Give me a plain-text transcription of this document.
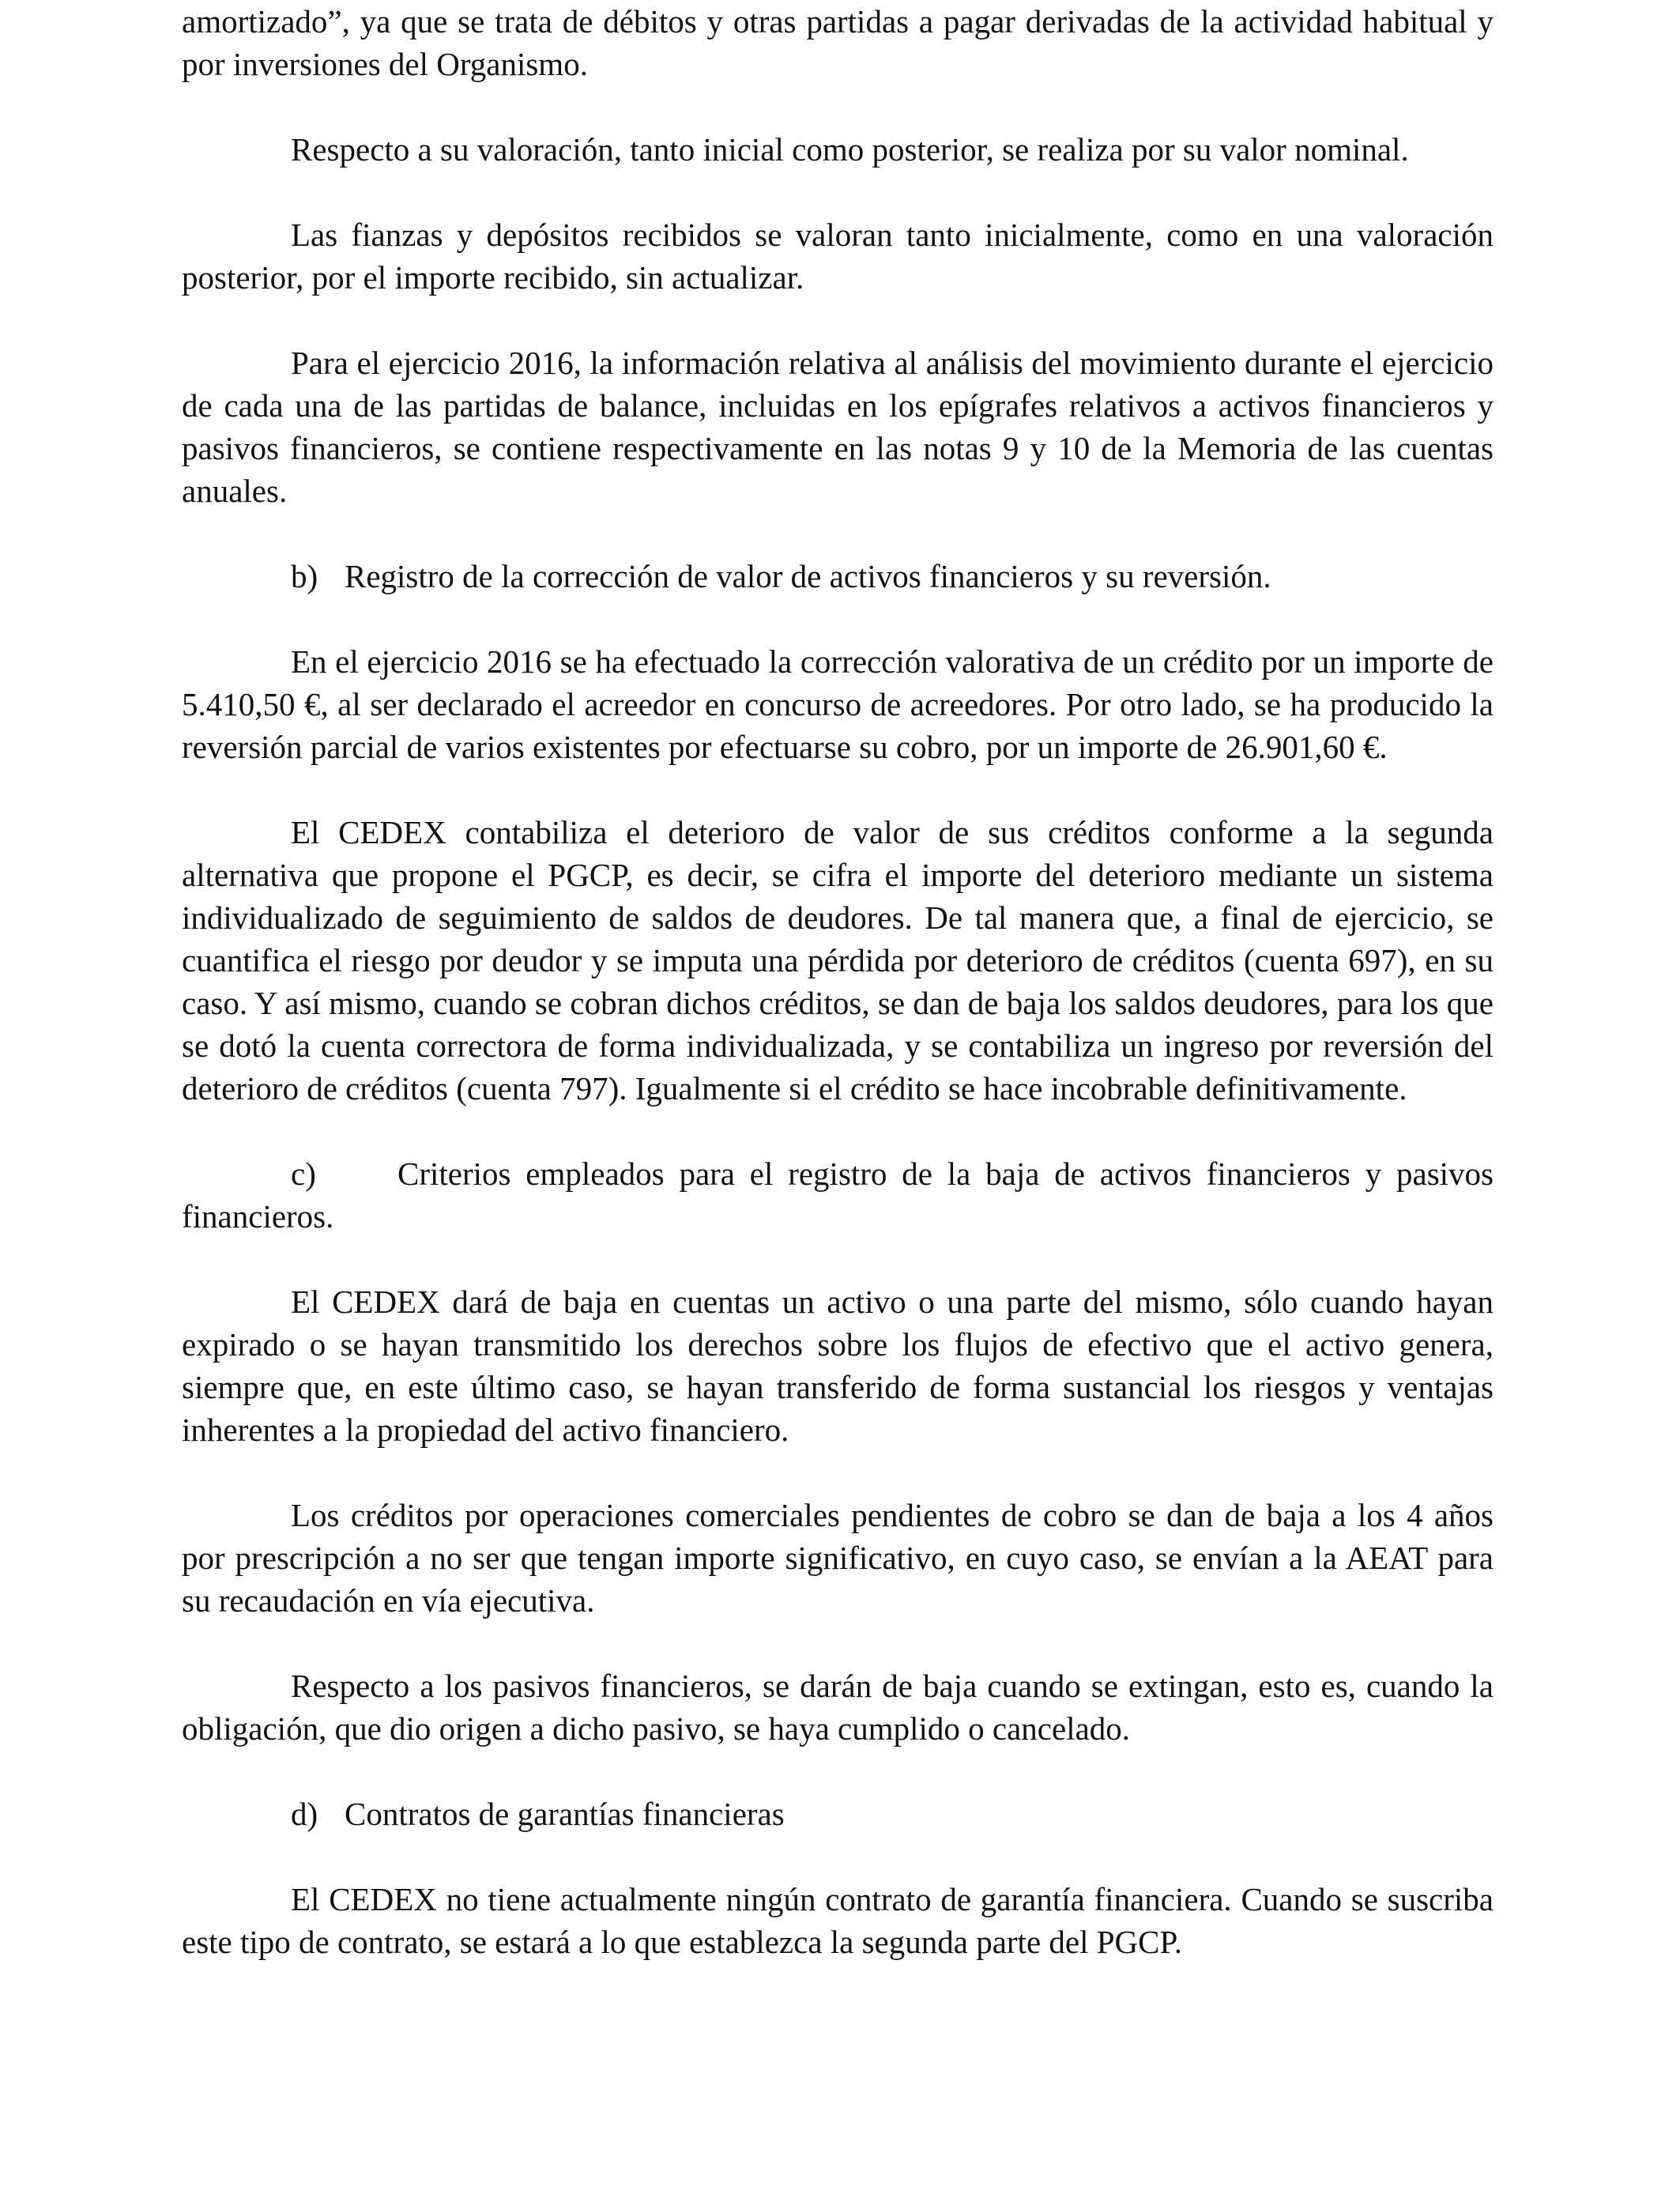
amortizado”, ya que se trata de débitos y otras partidas a pagar derivadas de la actividad habitual y por inversiones del Organismo.

Respecto a su valoración, tanto inicial como posterior, se realiza por su valor nominal.

Las fianzas y depósitos recibidos se valoran tanto inicialmente, como en una valoración posterior, por el importe recibido, sin actualizar.

Para el ejercicio 2016, la información relativa al análisis del movimiento durante el ejercicio de cada una de las partidas de balance, incluidas en los epígrafes relativos a activos financieros y pasivos financieros, se contiene respectivamente en las notas 9 y 10 de la Memoria de las cuentas anuales.

b) Registro de la corrección de valor de activos financieros y su reversión.

En el ejercicio 2016 se ha efectuado la corrección valorativa de un crédito por un importe de 5.410,50 €, al ser declarado el acreedor en concurso de acreedores. Por otro lado, se ha producido la reversión parcial de varios existentes por efectuarse su cobro, por un importe de 26.901,60 €.

El CEDEX contabiliza el deterioro de valor de sus créditos conforme a la segunda alternativa que propone el PGCP, es decir, se cifra el importe del deterioro mediante un sistema individualizado de seguimiento de saldos de deudores. De tal manera que, a final de ejercicio, se cuantifica el riesgo por deudor y se imputa una pérdida por deterioro de créditos (cuenta 697), en su caso. Y así mismo, cuando se cobran dichos créditos, se dan de baja los saldos deudores, para los que se dotó la cuenta correctora de forma individualizada, y se contabiliza un ingreso por reversión del deterioro de créditos (cuenta 797). Igualmente si el crédito se hace incobrable definitivamente.

c)	Criterios empleados para el registro de la baja de activos financieros y pasivos financieros.

El CEDEX dará de baja en cuentas un activo o una parte del mismo, sólo cuando hayan expirado o se hayan transmitido los derechos sobre los flujos de efectivo que el activo genera, siempre que, en este último caso, se hayan transferido de forma sustancial los riesgos y ventajas inherentes a la propiedad del activo financiero.

Los créditos por operaciones comerciales pendientes de cobro se dan de baja a los 4 años por prescripción a no ser que tengan importe significativo, en cuyo caso, se envían a la AEAT para su recaudación en vía ejecutiva.

Respecto a los pasivos financieros, se darán de baja cuando se extingan, esto es, cuando la obligación, que dio origen a dicho pasivo, se haya cumplido o cancelado.

d) Contratos de garantías financieras

El CEDEX no tiene actualmente ningún contrato de garantía financiera. Cuando se suscriba este tipo de contrato, se estará a lo que establezca la segunda parte del PGCP.
